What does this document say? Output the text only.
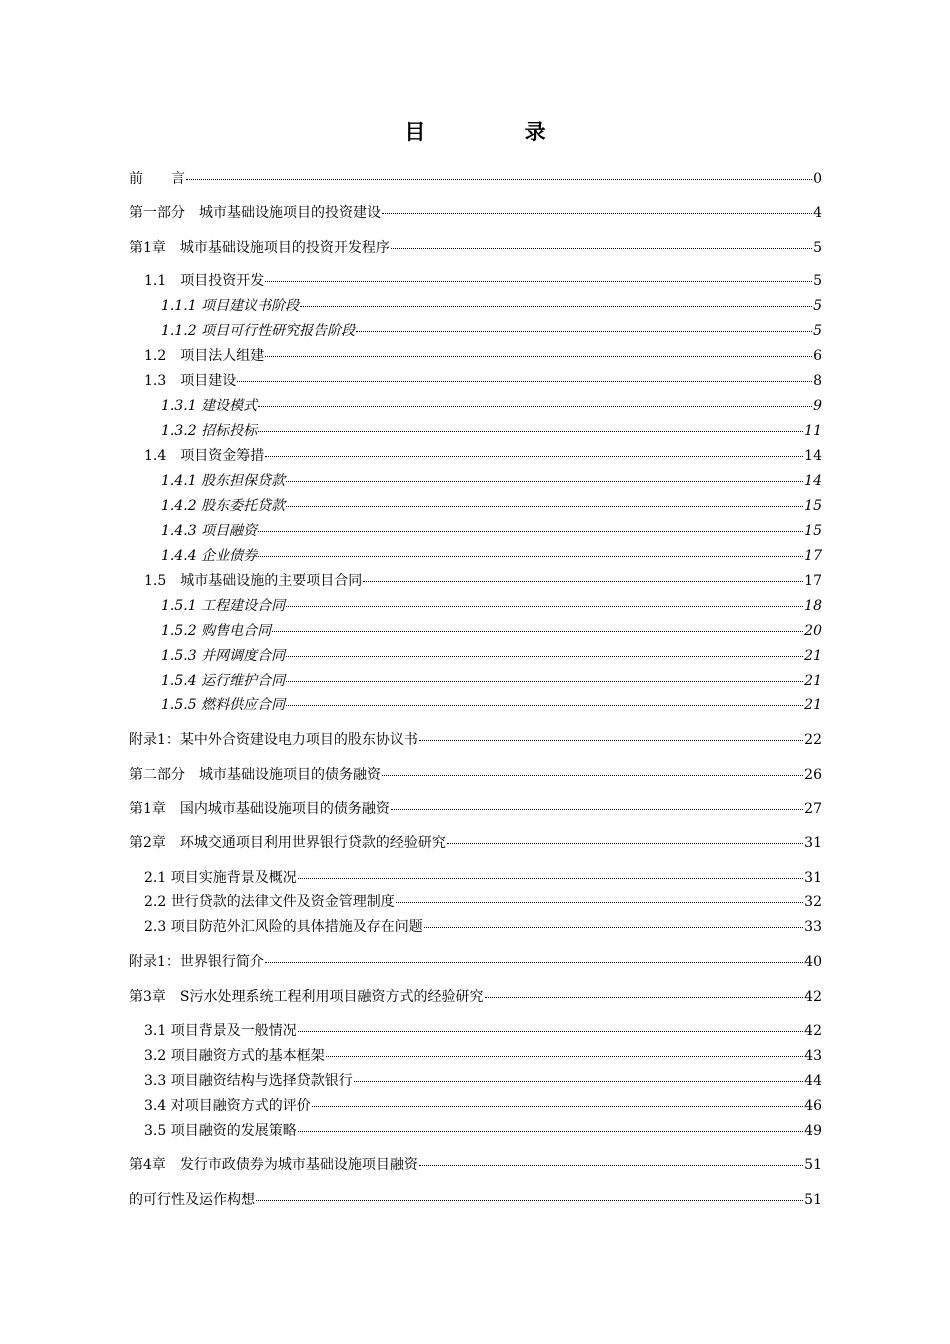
目 录
前　　言	0
第一部分　城市基础设施项目的投资建设	4
第1章　城市基础设施项目的投资开发程序	5
1.1　项目投资开发	5
1.1.1 项目建议书阶段	5
1.1.2 项目可行性研究报告阶段	5
1.2　项目法人组建	6
1.3　项目建设	8
1.3.1 建设模式	9
1.3.2 招标投标	11
1.4　项目资金筹措	14
1.4.1 股东担保贷款	14
1.4.2 股东委托贷款	15
1.4.3 项目融资	15
1.4.4 企业债券	17
1.5　城市基础设施的主要项目合同	17
1.5.1 工程建设合同	18
1.5.2 购售电合同	20
1.5.3 并网调度合同	21
1.5.4 运行维护合同	21
1.5.5 燃料供应合同	21
附录1：某中外合资建设电力项目的股东协议书	22
第二部分　城市基础设施项目的债务融资	26
第1章　国内城市基础设施项目的债务融资	27
第2章　环城交通项目利用世界银行贷款的经验研究	31
2.1 项目实施背景及概况	31
2.2 世行贷款的法律文件及资金管理制度	32
2.3 项目防范外汇风险的具体措施及存在问题	33
附录1：世界银行简介	40
第3章　S污水处理系统工程利用项目融资方式的经验研究	42
3.1 项目背景及一般情况	42
3.2 项目融资方式的基本框架	43
3.3 项目融资结构与选择贷款银行	44
3.4 对项目融资方式的评价	46
3.5 项目融资的发展策略	49
第4章　发行市政债券为城市基础设施项目融资	51
的可行性及运作构想	51
